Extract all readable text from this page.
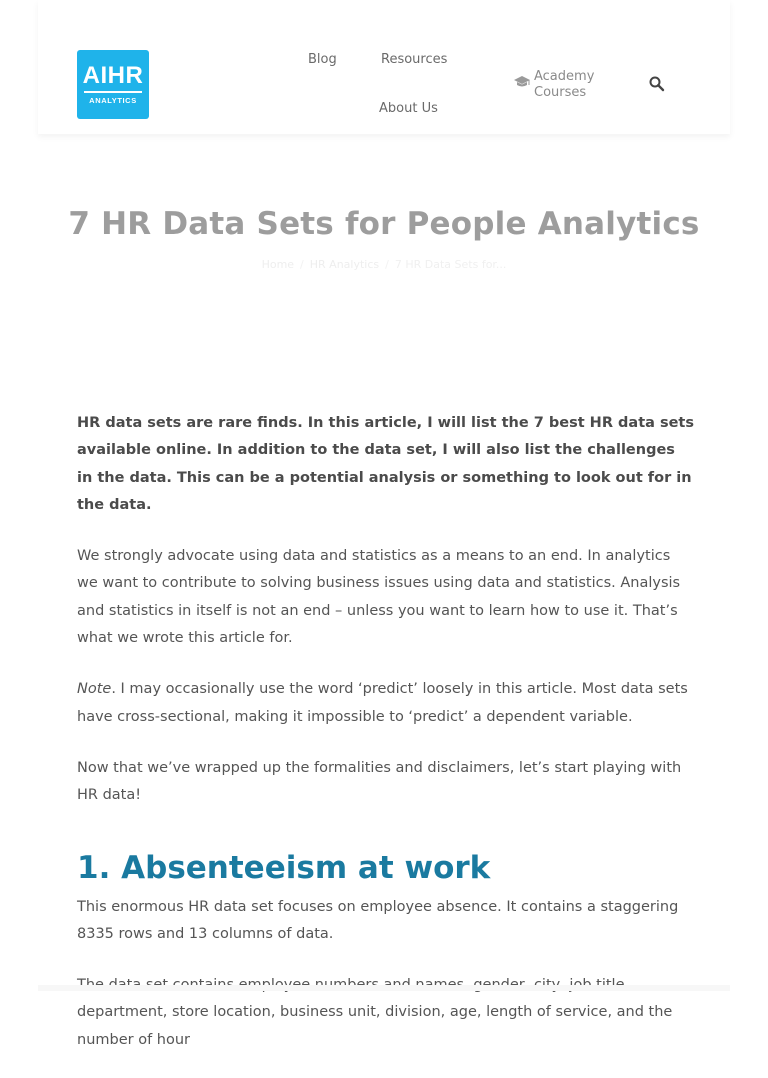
AIHR
ANALYTICS
Blog	Resources
About Us
Academy Courses
7 HR Data Sets for People Analytics
Home / HR Analytics / 7 HR Data Sets for...

HR data sets are rare finds. In this article, I will list the 7 best HR data sets available online. In addition to the data set, I will also list the challenges in the data. This can be a potential analysis or something to look out for in the data.

We strongly advocate using data and statistics as a means to an end. In analytics we want to contribute to solving business issues using data and statistics. Analysis and statistics in itself is not an end – unless you want to learn how to use it. That’s what we wrote this article for.

Note. I may occasionally use the word ‘predict’ loosely in this article. Most data sets have cross-sectional, making it impossible to ‘predict’ a dependent variable.

Now that we’ve wrapped up the formalities and disclaimers, let’s start playing with HR data!

1. Absenteeism at work

This enormous HR data set focuses on employee absence. It contains a staggering 8335 rows and 13 columns of data.

department, store location, business unit, division, age, length of service, and the number of hour
